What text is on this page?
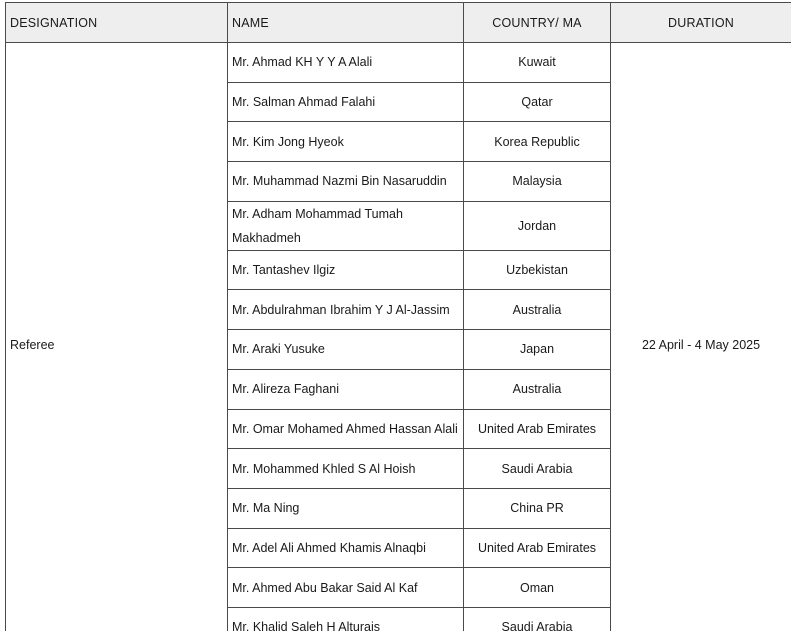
DESIGNATION	NAME	COUNTRY/ MA	DURATION
Referee	Mr. Ahmad KH Y Y A Alali	Kuwait	22 April - 4 May 2025
	Mr. Salman Ahmad Falahi	Qatar	
	Mr. Kim Jong Hyeok	Korea Republic	
	Mr. Muhammad Nazmi Bin Nasaruddin	Malaysia	
	Mr. Adham Mohammad Tumah Makhadmeh	Jordan	
	Mr. Tantashev Ilgiz	Uzbekistan	
	Mr. Abdulrahman Ibrahim Y J Al-Jassim	Australia	
	Mr. Araki Yusuke	Japan	
	Mr. Alireza Faghani	Australia	
	Mr. Omar Mohamed Ahmed Hassan Alali	United Arab Emirates	
	Mr. Mohammed Khled S Al Hoish	Saudi Arabia	
	Mr. Ma Ning	China PR	
	Mr. Adel Ali Ahmed Khamis Alnaqbi	United Arab Emirates	
	Mr. Ahmed Abu Bakar Said Al Kaf	Oman	
	Mr. Khalid Saleh H Alturais	Saudi Arabia	
